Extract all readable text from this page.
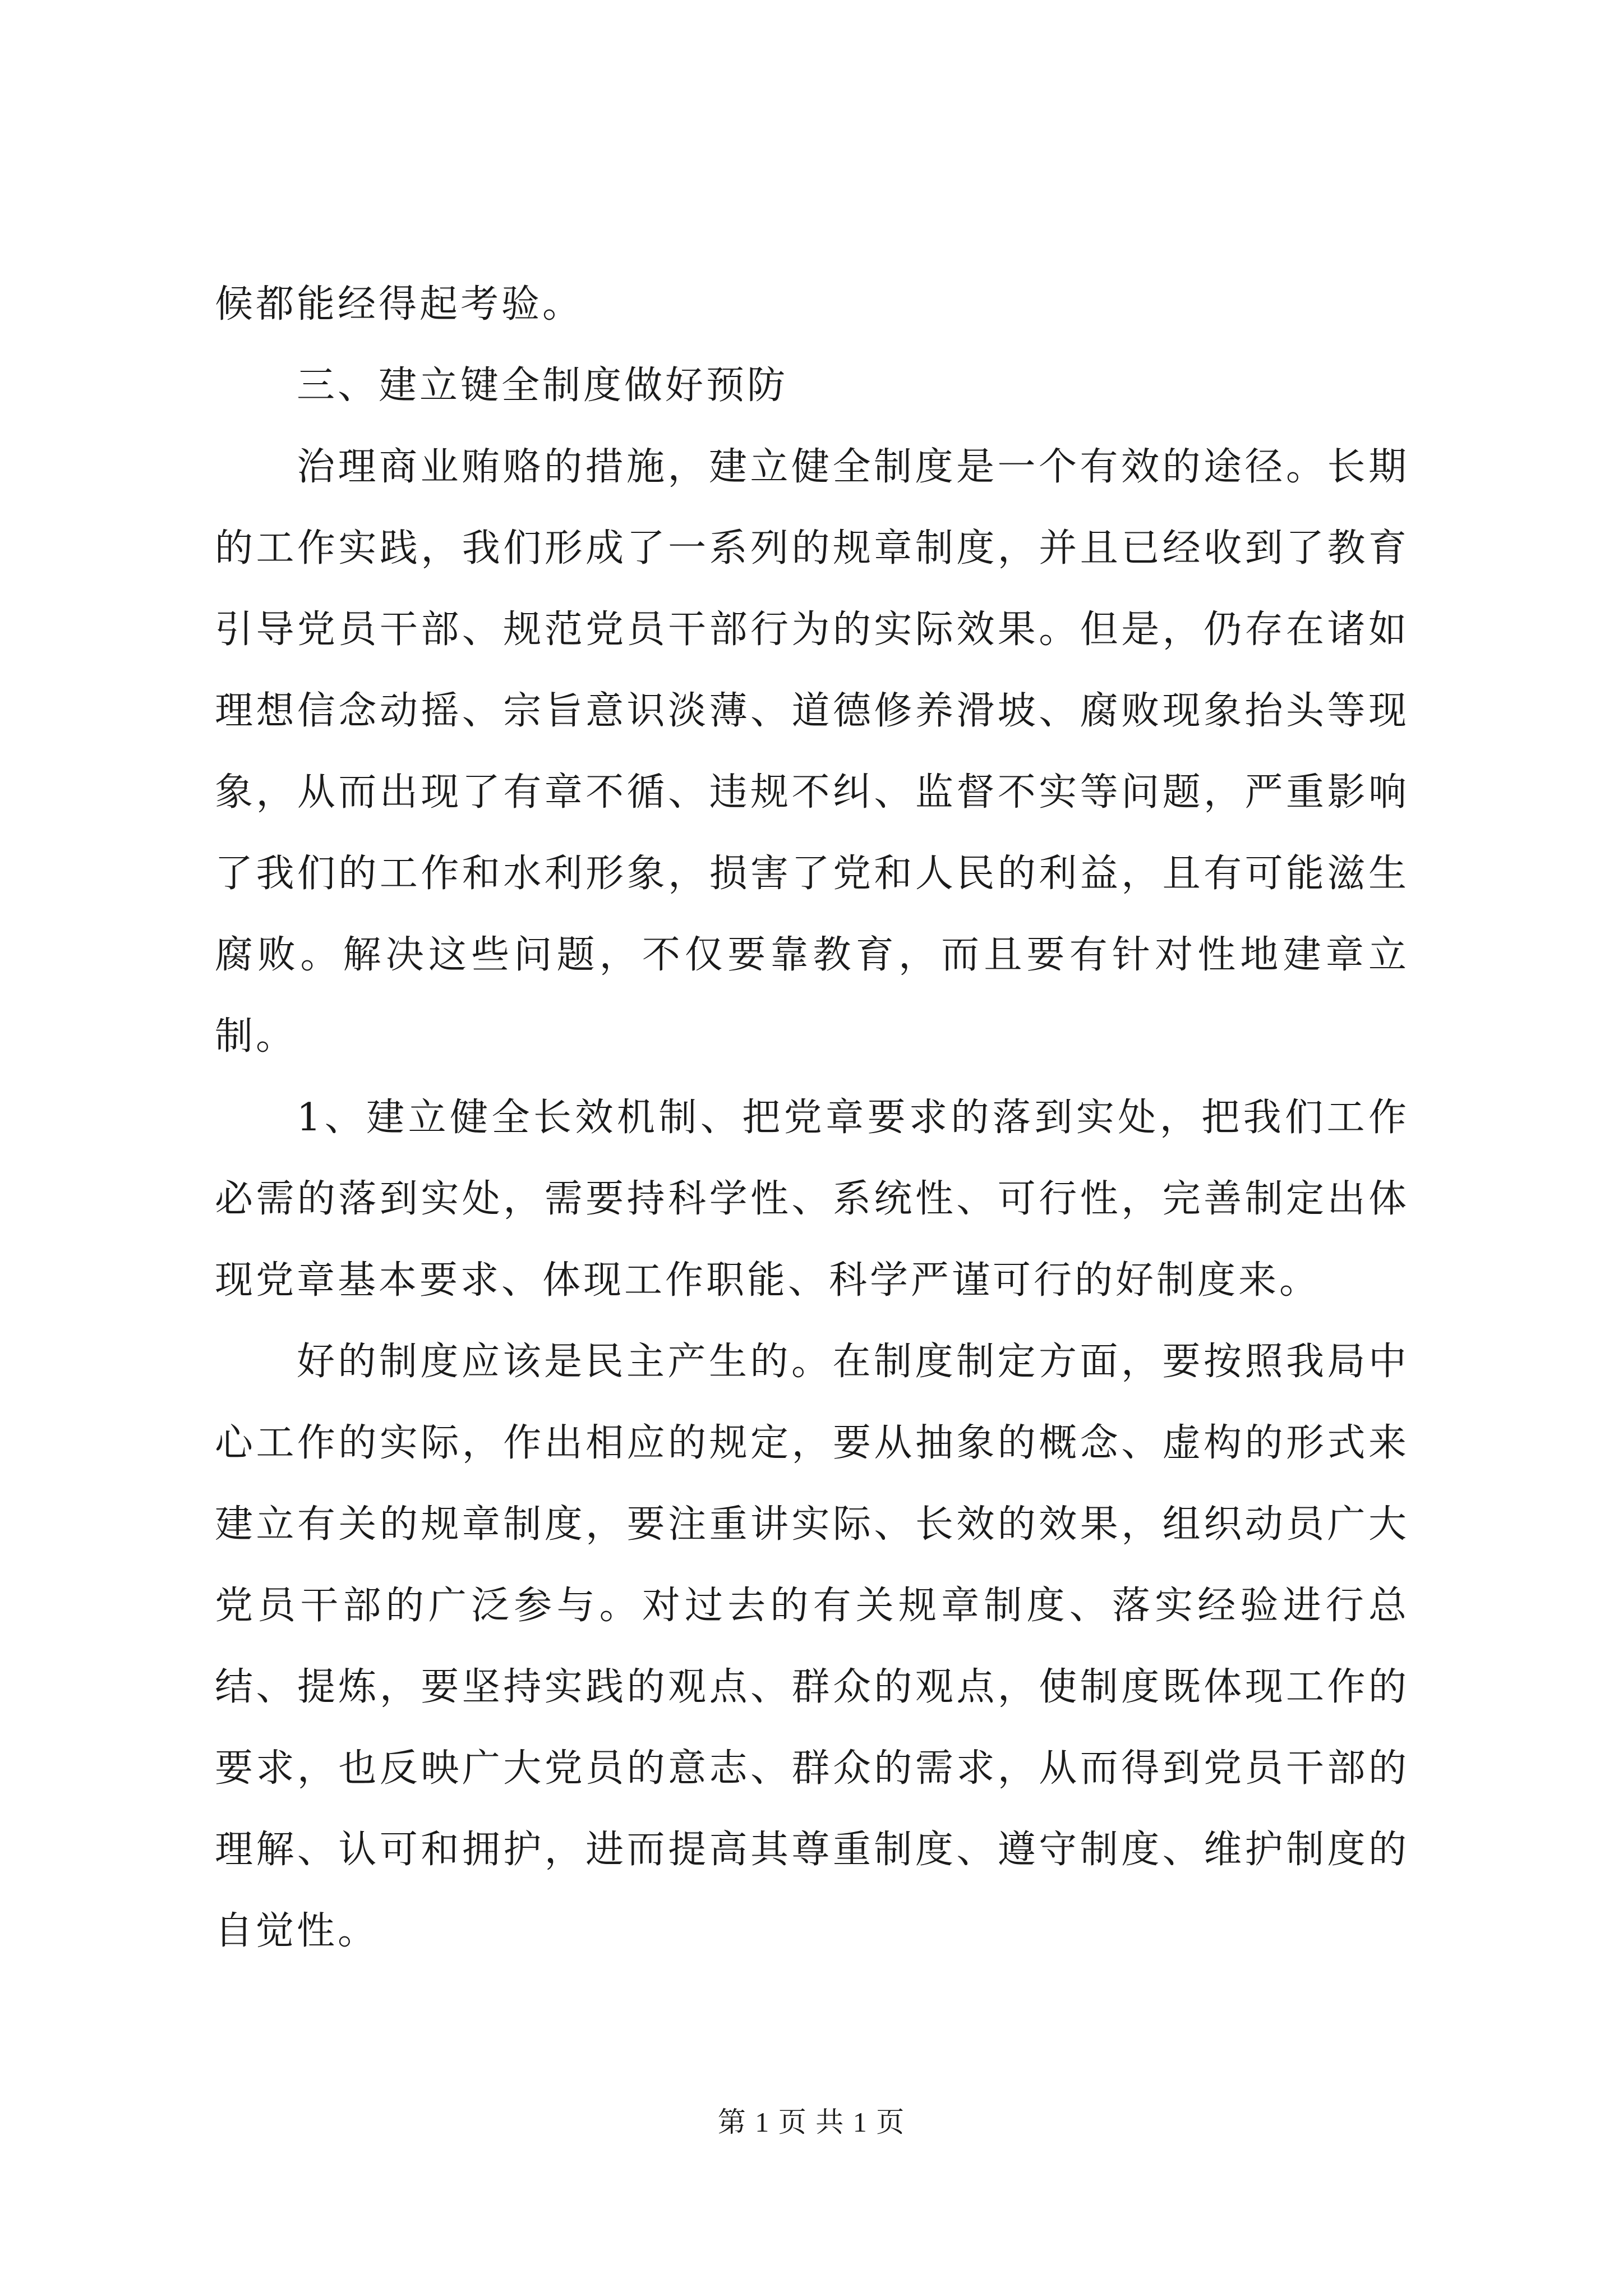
候都能经得起考验。

三、建立键全制度做好预防

治理商业贿赂的措施，建立健全制度是一个有效的途径。长期的工作实践，我们形成了一系列的规章制度，并且已经收到了教育引导党员干部、规范党员干部行为的实际效果。但是，仍存在诸如理想信念动摇、宗旨意识淡薄、道德修养滑坡、腐败现象抬头等现象，从而出现了有章不循、违规不纠、监督不实等问题，严重影响了我们的工作和水利形象，损害了党和人民的利益，且有可能滋生腐败。解决这些问题，不仅要靠教育，而且要有针对性地建章立制。

1、建立健全长效机制、把党章要求的落到实处，把我们工作必需的落到实处，需要持科学性、系统性、可行性，完善制定出体现党章基本要求、体现工作职能、科学严谨可行的好制度来。

好的制度应该是民主产生的。在制度制定方面，要按照我局中心工作的实际，作出相应的规定，要从抽象的概念、虚构的形式来建立有关的规章制度，要注重讲实际、长效的效果，组织动员广大党员干部的广泛参与。对过去的有关规章制度、落实经验进行总结、提炼，要坚持实践的观点、群众的观点，使制度既体现工作的要求，也反映广大党员的意志、群众的需求，从而得到党员干部的理解、认可和拥护，进而提高其尊重制度、遵守制度、维护制度的自觉性。

第 1 页 共 1 页
